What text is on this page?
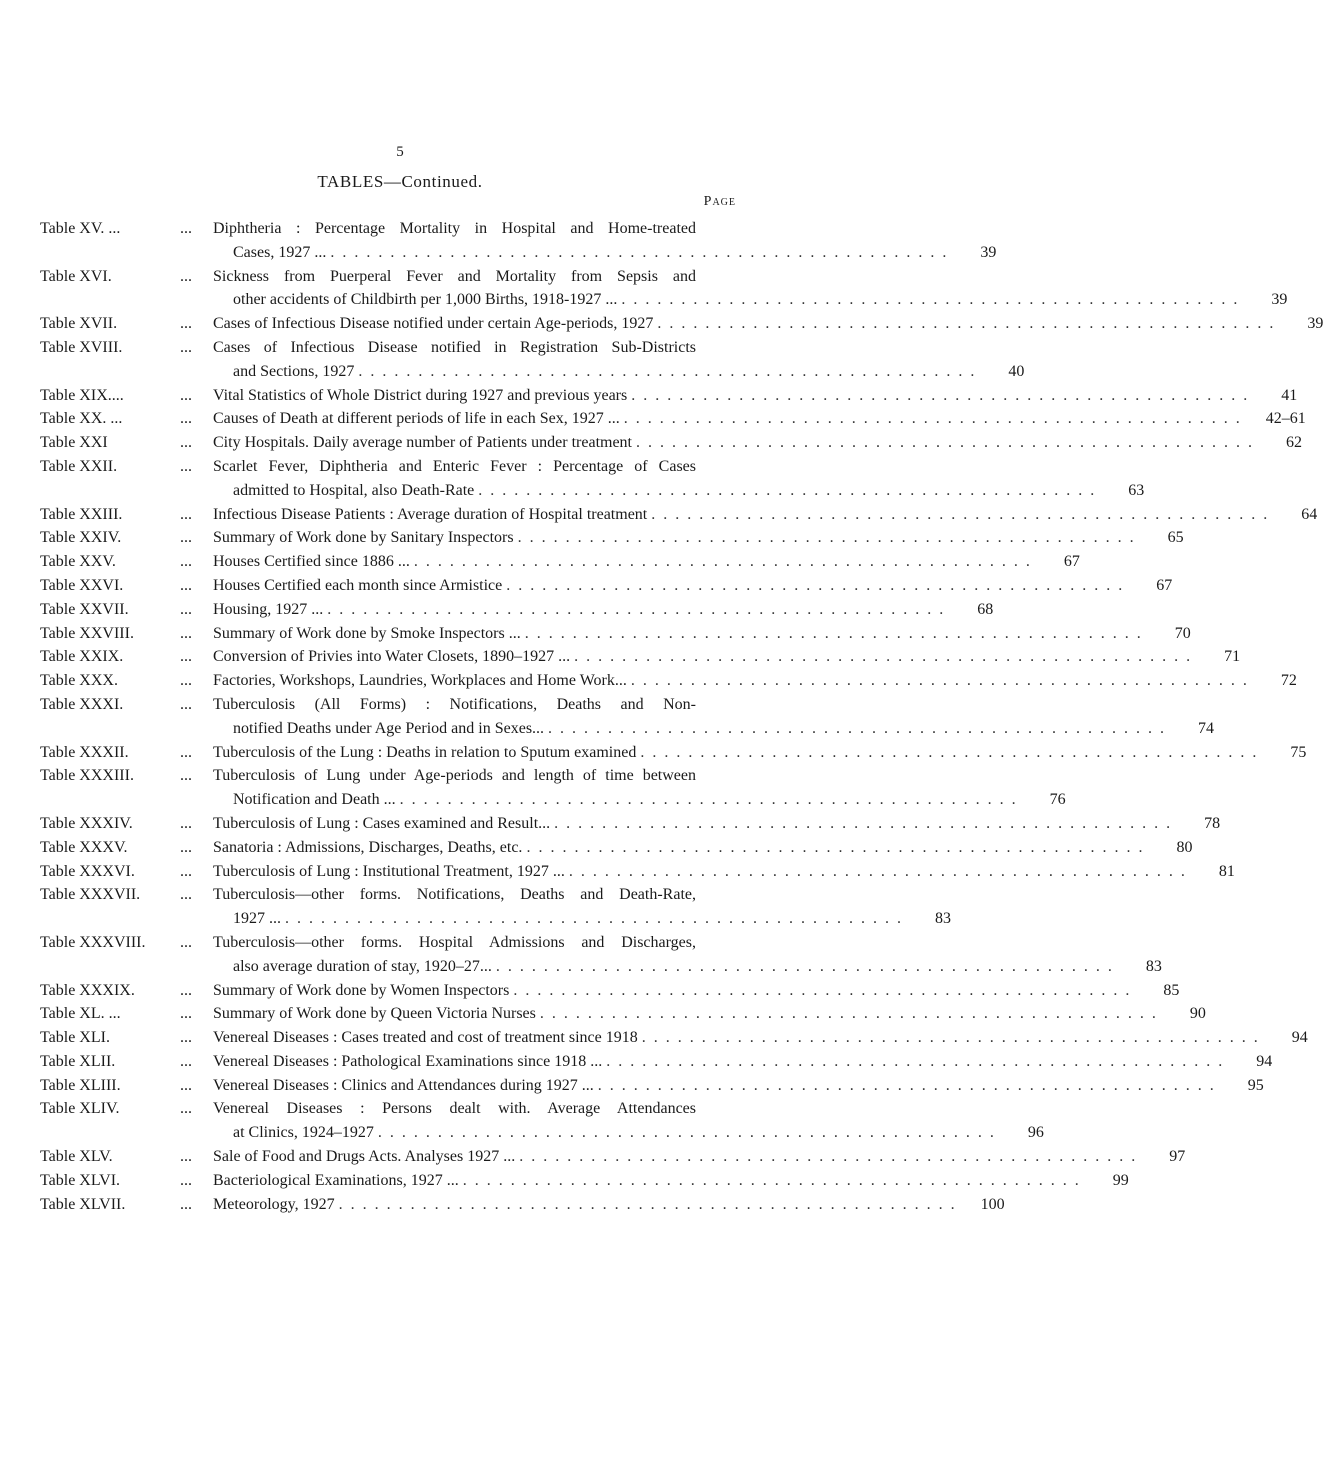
5
TABLES—Continued.
Page
Table XV. ...	...	Diphtheria : Percentage Mortality in Hospital and Home-treated
Cases, 1927 ... . . . . . . . . . . . . . . . . . . . . . . . . . . . . . . . . . . . . . . . . . . . . . . . . . . . .	39
Table XVI.	...	Sickness from Puerperal Fever and Mortality from Sepsis and
other accidents of Childbirth per 1,000 Births, 1918-1927 ... . . . . . . . . . . . . . . . . . . . . . . . . . . . . . . . . . . . . . . . . . . . . . . . . . . . .	39
Table XVII.	...	Cases of Infectious Disease notified under certain Age-periods, 1927 . . . . . . . . . . . . . . . . . . . . . . . . . . . . . . . . . . . . . . . . . . . . . . . . . . . .	39
Table XVIII.	...	Cases of Infectious Disease notified in Registration Sub-Districts
and Sections, 1927 . . . . . . . . . . . . . . . . . . . . . . . . . . . . . . . . . . . . . . . . . . . . . . . . . . . .	40
Table XIX....	...	Vital Statistics of Whole District during 1927 and previous years . . . . . . . . . . . . . . . . . . . . . . . . . . . . . . . . . . . . . . . . . . . . . . . . . . . .	41
Table XX. ...	...	Causes of Death at different periods of life in each Sex, 1927 ... . . . . . . . . . . . . . . . . . . . . . . . . . . . . . . . . . . . . . . . . . . . . . . . . . . . .	42–61
Table XXI	...	City Hospitals. Daily average number of Patients under treatment . . . . . . . . . . . . . . . . . . . . . . . . . . . . . . . . . . . . . . . . . . . . . . . . . . . .	62
Table XXII.	...	Scarlet Fever, Diphtheria and Enteric Fever : Percentage of Cases
admitted to Hospital, also Death-Rate . . . . . . . . . . . . . . . . . . . . . . . . . . . . . . . . . . . . . . . . . . . . . . . . . . . .	63
Table XXIII.	...	Infectious Disease Patients : Average duration of Hospital treatment . . . . . . . . . . . . . . . . . . . . . . . . . . . . . . . . . . . . . . . . . . . . . . . . . . . .	64
Table XXIV.	...	Summary of Work done by Sanitary Inspectors . . . . . . . . . . . . . . . . . . . . . . . . . . . . . . . . . . . . . . . . . . . . . . . . . . . .	65
Table XXV.	...	Houses Certified since 1886 ... . . . . . . . . . . . . . . . . . . . . . . . . . . . . . . . . . . . . . . . . . . . . . . . . . . . .	67
Table XXVI.	...	Houses Certified each month since Armistice . . . . . . . . . . . . . . . . . . . . . . . . . . . . . . . . . . . . . . . . . . . . . . . . . . . .	67
Table XXVII.	...	Housing, 1927 ... . . . . . . . . . . . . . . . . . . . . . . . . . . . . . . . . . . . . . . . . . . . . . . . . . . . .	68
Table XXVIII.	...	Summary of Work done by Smoke Inspectors ... . . . . . . . . . . . . . . . . . . . . . . . . . . . . . . . . . . . . . . . . . . . . . . . . . . . .	70
Table XXIX.	...	Conversion of Privies into Water Closets, 1890–1927 ... . . . . . . . . . . . . . . . . . . . . . . . . . . . . . . . . . . . . . . . . . . . . . . . . . . . .	71
Table XXX.	...	Factories, Workshops, Laundries, Workplaces and Home Work... . . . . . . . . . . . . . . . . . . . . . . . . . . . . . . . . . . . . . . . . . . . . . . . . . . . .	72
Table XXXI.	...	Tuberculosis (All Forms) : Notifications, Deaths and Non-
notified Deaths under Age Period and in Sexes... . . . . . . . . . . . . . . . . . . . . . . . . . . . . . . . . . . . . . . . . . . . . . . . . . . . .	74
Table XXXII.	...	Tuberculosis of the Lung : Deaths in relation to Sputum examined . . . . . . . . . . . . . . . . . . . . . . . . . . . . . . . . . . . . . . . . . . . . . . . . . . . .	75
Table XXXIII.	...	Tuberculosis of Lung under Age-periods and length of time between
Notification and Death ... . . . . . . . . . . . . . . . . . . . . . . . . . . . . . . . . . . . . . . . . . . . . . . . . . . . .	76
Table XXXIV.	...	Tuberculosis of Lung : Cases examined and Result... . . . . . . . . . . . . . . . . . . . . . . . . . . . . . . . . . . . . . . . . . . . . . . . . . . . .	78
Table XXXV.	...	Sanatoria : Admissions, Discharges, Deaths, etc. . . . . . . . . . . . . . . . . . . . . . . . . . . . . . . . . . . . . . . . . . . . . . . . . . . . .	80
Table XXXVI.	...	Tuberculosis of Lung : Institutional Treatment, 1927 ... . . . . . . . . . . . . . . . . . . . . . . . . . . . . . . . . . . . . . . . . . . . . . . . . . . . .	81
Table XXXVII.	...	Tuberculosis—other forms. Notifications, Deaths and Death-Rate,
1927 ... . . . . . . . . . . . . . . . . . . . . . . . . . . . . . . . . . . . . . . . . . . . . . . . . . . . .	83
Table XXXVIII.	...	Tuberculosis—other forms. Hospital Admissions and Discharges,
also average duration of stay, 1920–27... . . . . . . . . . . . . . . . . . . . . . . . . . . . . . . . . . . . . . . . . . . . . . . . . . . . .	83
Table XXXIX.	...	Summary of Work done by Women Inspectors . . . . . . . . . . . . . . . . . . . . . . . . . . . . . . . . . . . . . . . . . . . . . . . . . . . .	85
Table XL. ...	...	Summary of Work done by Queen Victoria Nurses . . . . . . . . . . . . . . . . . . . . . . . . . . . . . . . . . . . . . . . . . . . . . . . . . . . .	90
Table XLI.	...	Venereal Diseases : Cases treated and cost of treatment since 1918 . . . . . . . . . . . . . . . . . . . . . . . . . . . . . . . . . . . . . . . . . . . . . . . . . . . .	94
Table XLII.	...	Venereal Diseases : Pathological Examinations since 1918 ... . . . . . . . . . . . . . . . . . . . . . . . . . . . . . . . . . . . . . . . . . . . . . . . . . . . .	94
Table XLIII.	...	Venereal Diseases : Clinics and Attendances during 1927 ... . . . . . . . . . . . . . . . . . . . . . . . . . . . . . . . . . . . . . . . . . . . . . . . . . . . .	95
Table XLIV.	...	Venereal Diseases : Persons dealt with. Average Attendances
at Clinics, 1924–1927 . . . . . . . . . . . . . . . . . . . . . . . . . . . . . . . . . . . . . . . . . . . . . . . . . . . .	96
Table XLV.	...	Sale of Food and Drugs Acts. Analyses 1927 ... . . . . . . . . . . . . . . . . . . . . . . . . . . . . . . . . . . . . . . . . . . . . . . . . . . . .	97
Table XLVI.	...	Bacteriological Examinations, 1927 ... . . . . . . . . . . . . . . . . . . . . . . . . . . . . . . . . . . . . . . . . . . . . . . . . . . . .	99
Table XLVII.	...	Meteorology, 1927 . . . . . . . . . . . . . . . . . . . . . . . . . . . . . . . . . . . . . . . . . . . . . . . . . . . .	100
